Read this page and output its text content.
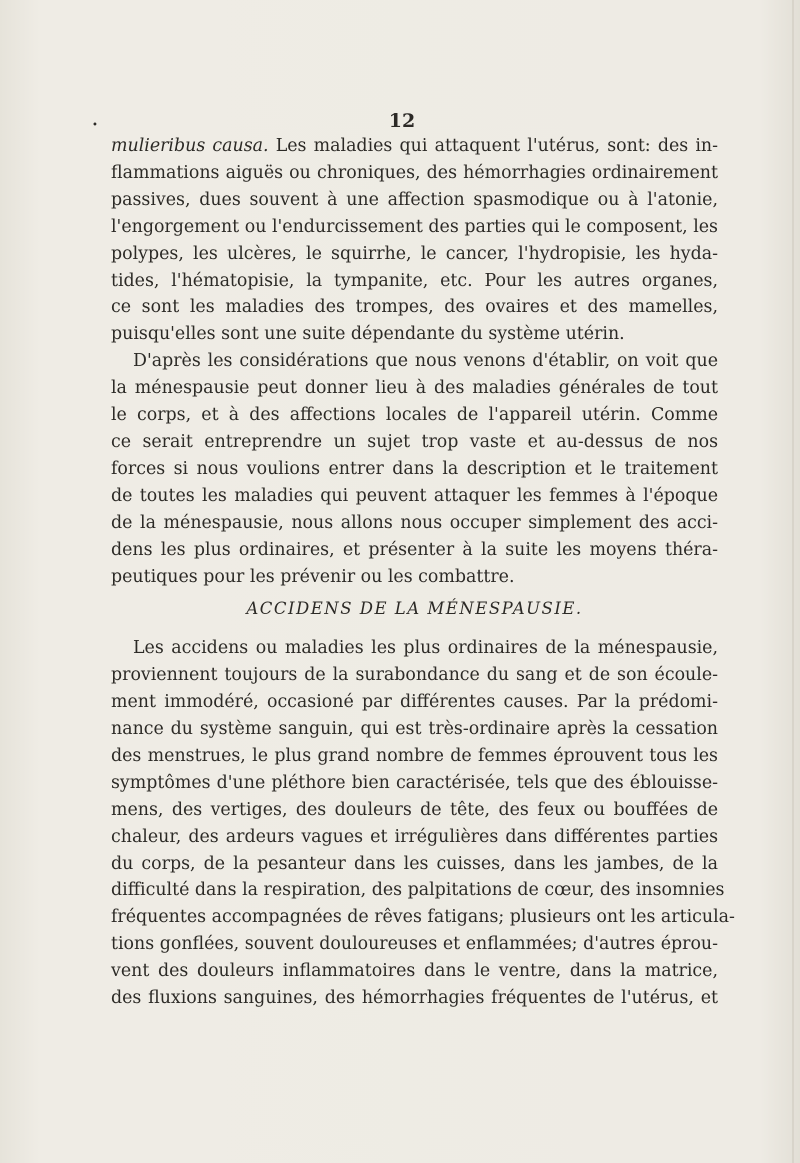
•	12
mulieribus causa. Les maladies qui attaquent l'utérus, sont: des in-
flammations aiguës ou chroniques, des hémorrhagies ordinairement
passives, dues souvent à une affection spasmodique ou à l'atonie,
l'engorgement ou l'endurcissement des parties qui le composent, les
polypes, les ulcères, le squirrhe, le cancer, l'hydropisie, les hyda-
tides, l'hématopisie, la tympanite, etc. Pour les autres organes,
ce sont les maladies des trompes, des ovaires et des mamelles,
puisqu'elles sont une suite dépendante du système utérin.
D'après les considérations que nous venons d'établir, on voit que
la ménespausie peut donner lieu à des maladies générales de tout
le corps, et à des affections locales de l'appareil utérin. Comme
ce serait entreprendre un sujet trop vaste et au-dessus de nos
forces si nous voulions entrer dans la description et le traitement
de toutes les maladies qui peuvent attaquer les femmes à l'époque
de la ménespausie, nous allons nous occuper simplement des acci-
dens les plus ordinaires, et présenter à la suite les moyens théra-
peutiques pour les prévenir ou les combattre.
ACCIDENS DE LA MÉNESPAUSIE.
Les accidens ou maladies les plus ordinaires de la ménespausie,
proviennent toujours de la surabondance du sang et de son écoule-
ment immodéré, occasioné par différentes causes. Par la prédomi-
nance du système sanguin, qui est très-ordinaire après la cessation
des menstrues, le plus grand nombre de femmes éprouvent tous les
symptômes d'une pléthore bien caractérisée, tels que des éblouisse-
mens, des vertiges, des douleurs de tête, des feux ou bouffées de
chaleur, des ardeurs vagues et irrégulières dans différentes parties
du corps, de la pesanteur dans les cuisses, dans les jambes, de la
difficulté dans la respiration, des palpitations de cœur, des insomnies
fréquentes accompagnées de rêves fatigans; plusieurs ont les articula-
tions gonflées, souvent douloureuses et enflammées; d'autres éprou-
vent des douleurs inflammatoires dans le ventre, dans la matrice,
des fluxions sanguines, des hémorrhagies fréquentes de l'utérus, et
